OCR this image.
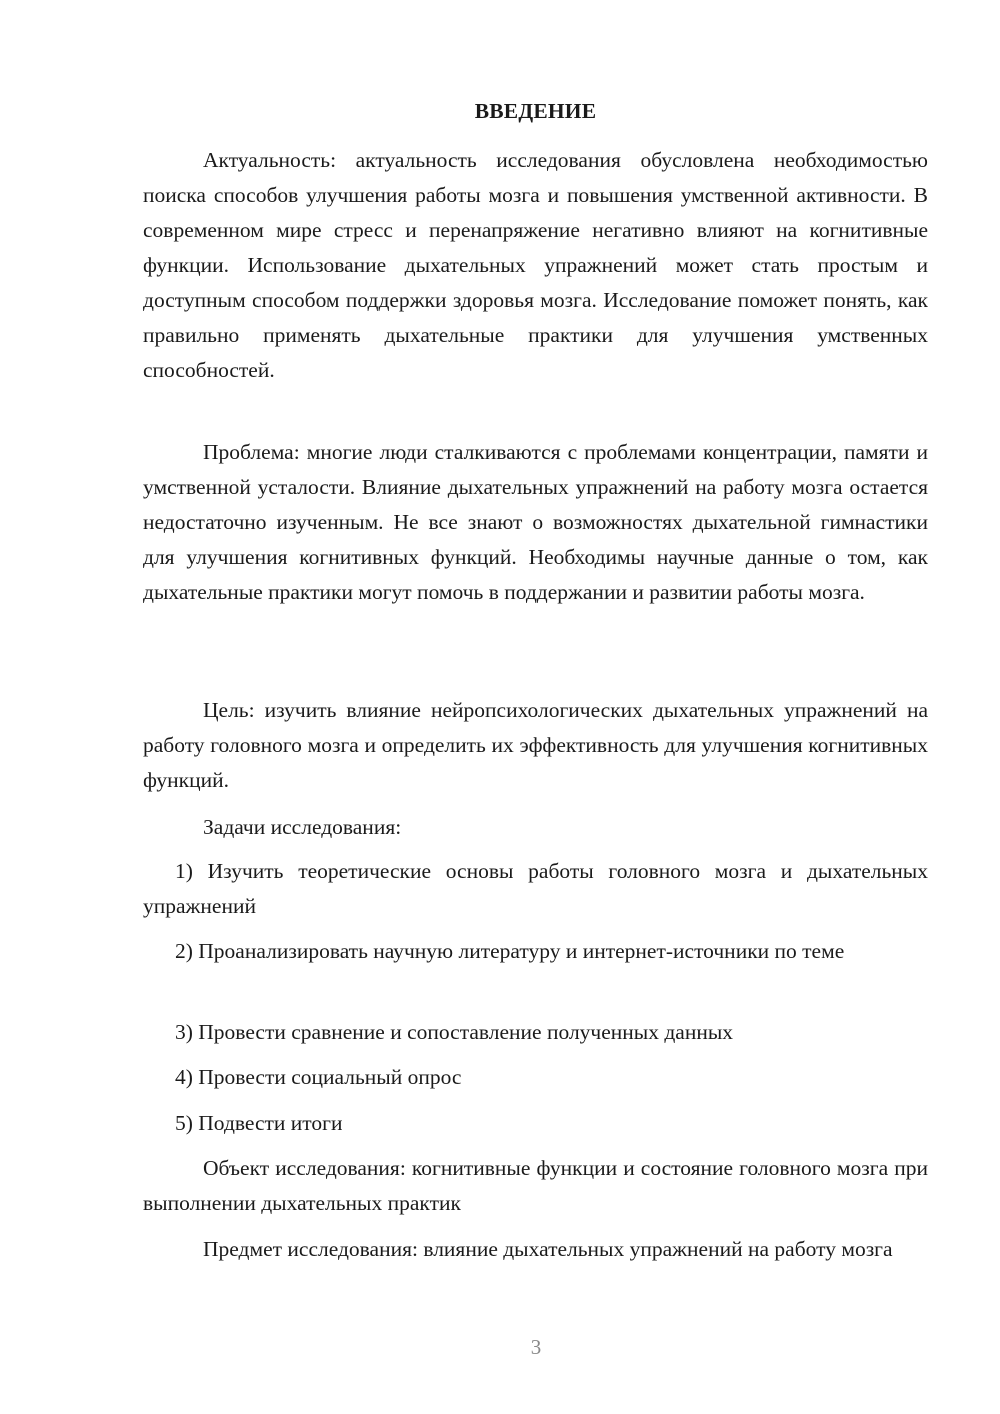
ВВЕДЕНИЕ

Актуальность: актуальность исследования обусловлена необходимостью поиска способов улучшения работы мозга и повышения умственной активности. В современном мире стресс и перенапряжение негативно влияют на когнитивные функции. Использование дыхательных упражнений может стать простым и доступным способом поддержки здоровья мозга. Исследование поможет понять, как правильно применять дыхательные практики для улучшения умственных способностей.

Проблема: многие люди сталкиваются с проблемами концентрации, памяти и умственной усталости. Влияние дыхательных упражнений на работу мозга остается недостаточно изученным. Не все знают о возможностях дыхательной гимнастики для улучшения когнитивных функций. Необходимы научные данные о том, как дыхательные практики могут помочь в поддержании и развитии работы мозга.

Цель: изучить влияние нейропсихологических дыхательных упражнений на работу головного мозга и определить их эффективность для улучшения когнитивных функций.

Задачи исследования:

1) Изучить теоретические основы работы головного мозга и дыхательных упражнений

2) Проанализировать научную литературу и интернет-источники по теме

3) Провести сравнение и сопоставление полученных данных

4) Провести социальный опрос

5) Подвести итоги

Объект исследования: когнитивные функции и состояние головного мозга при выполнении дыхательных практик

Предмет исследования: влияние дыхательных упражнений на работу мозга

3
